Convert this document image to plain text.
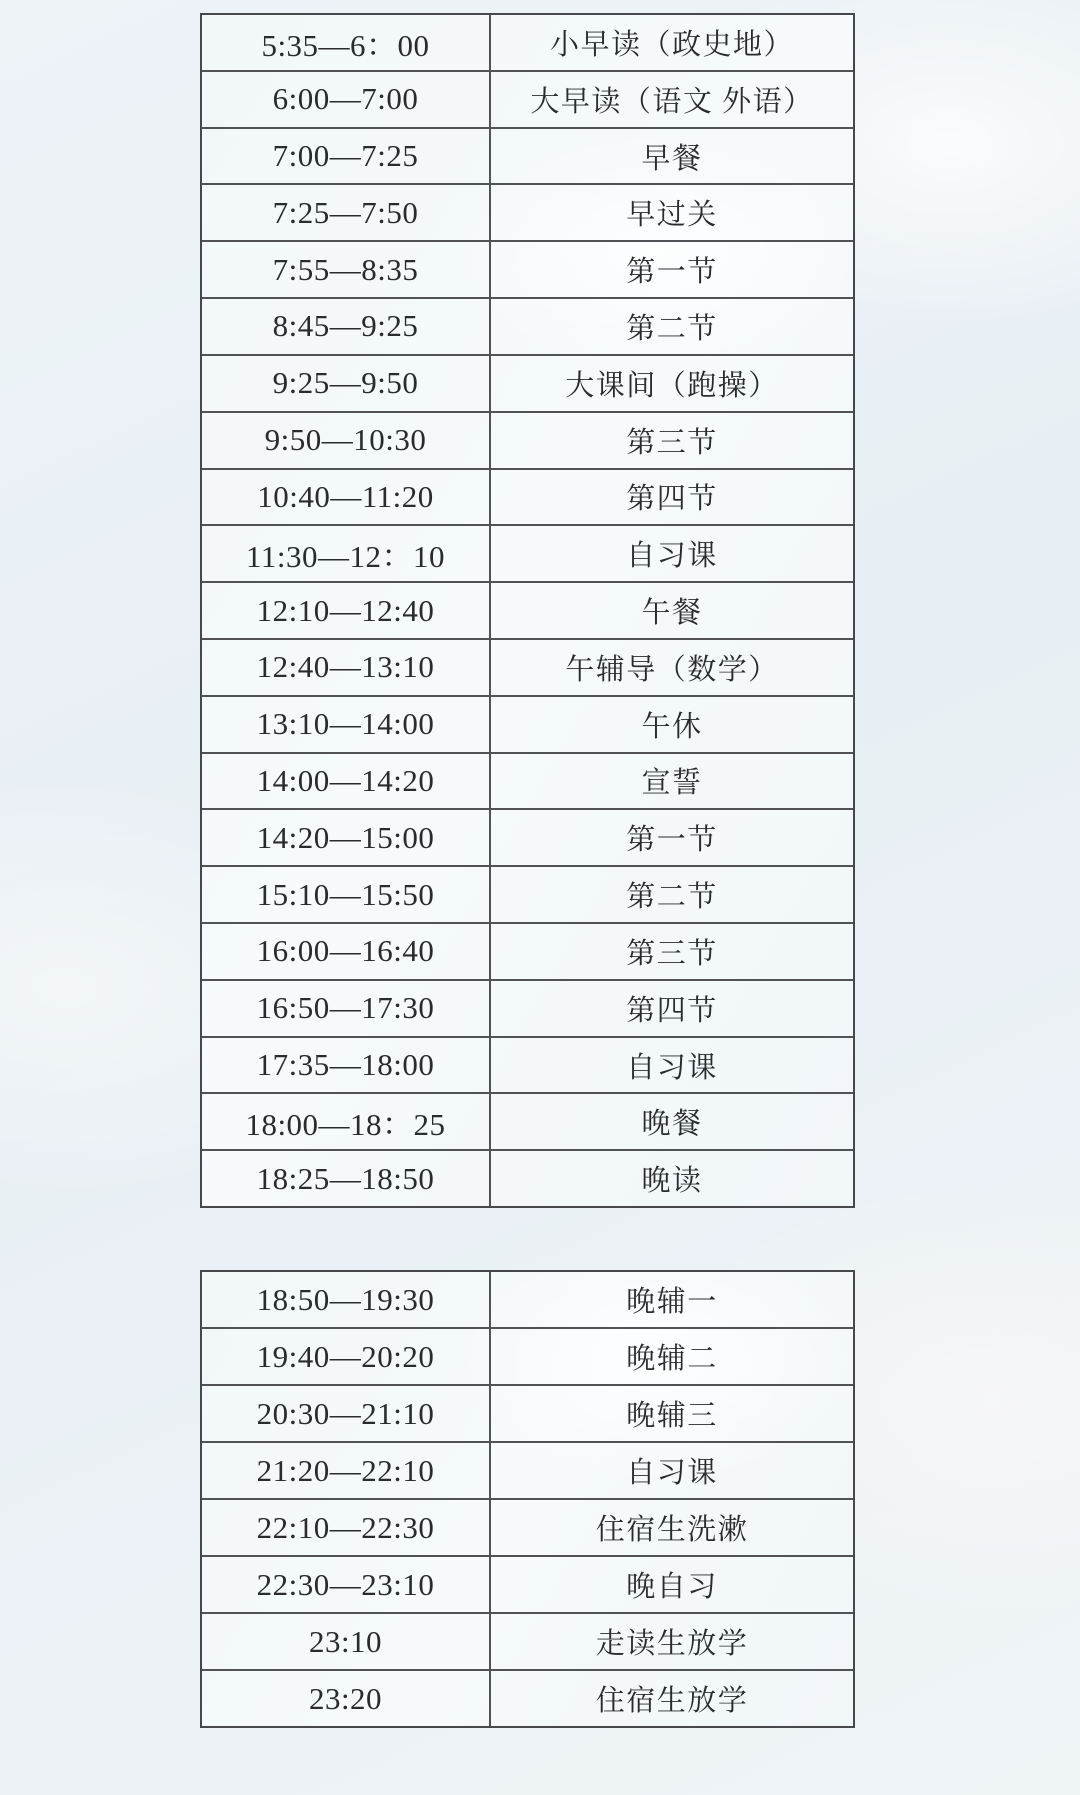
5:35—6：00	小早读（政史地）
6:00—7:00	大早读（语文 外语）
7:00—7:25	早餐
7:25—7:50	早过关
7:55—8:35	第一节
8:45—9:25	第二节
9:25—9:50	大课间（跑操）
9:50—10:30	第三节
10:40—11:20	第四节
11:30—12：10	自习课
12:10—12:40	午餐
12:40—13:10	午辅导（数学）
13:10—14:00	午休
14:00—14:20	宣誓
14:20—15:00	第一节
15:10—15:50	第二节
16:00—16:40	第三节
16:50—17:30	第四节
17:35—18:00	自习课
18:00—18：25	晚餐
18:25—18:50	晚读
18:50—19:30	晚辅一
19:40—20:20	晚辅二
20:30—21:10	晚辅三
21:20—22:10	自习课
22:10—22:30	住宿生洗漱
22:30—23:10	晚自习
23:10	走读生放学
23:20	住宿生放学
